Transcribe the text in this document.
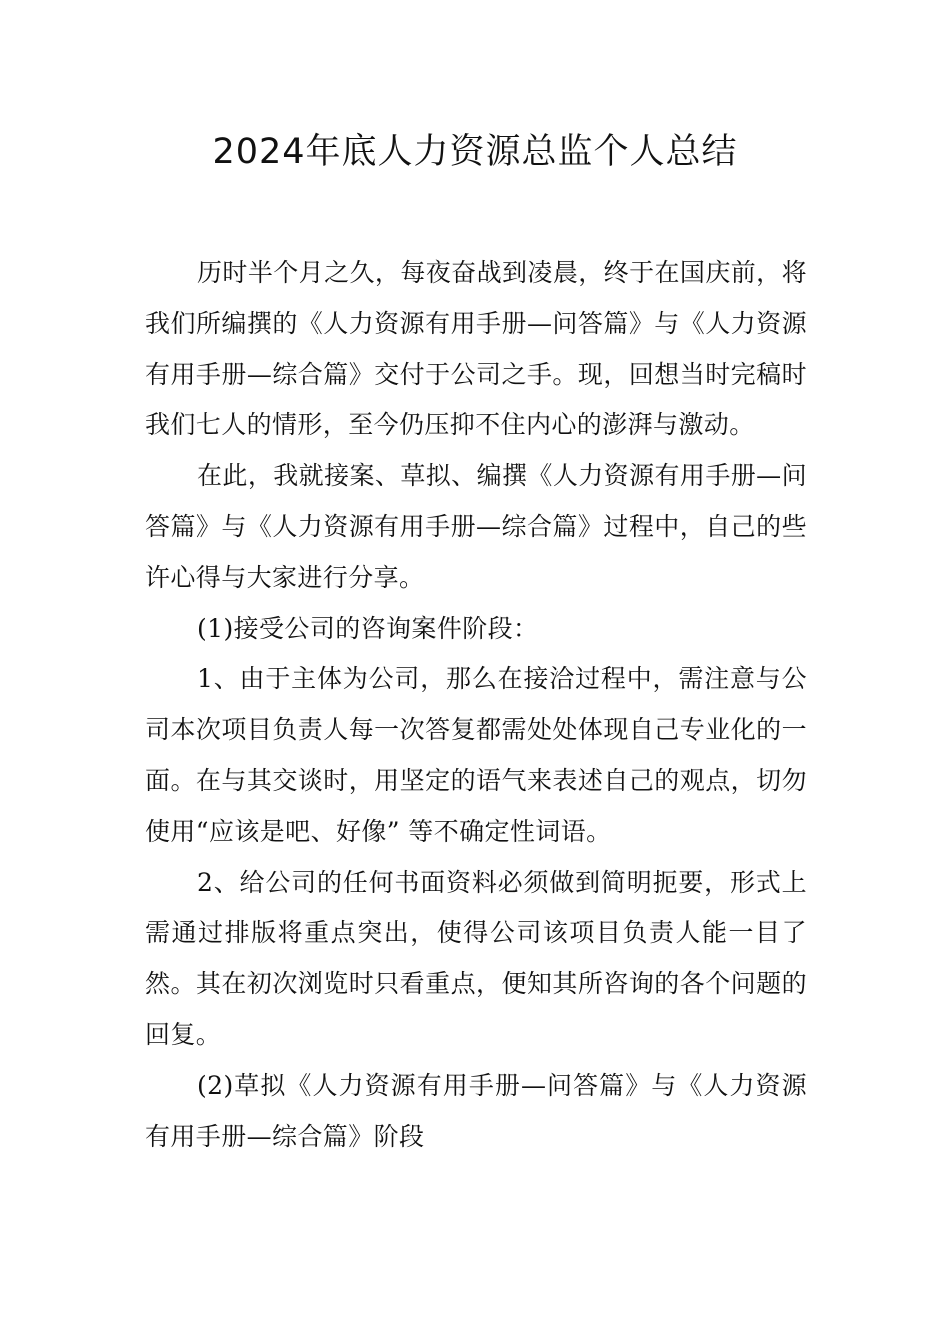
2024年底人力资源总监个人总结

历时半个月之久，每夜奋战到凌晨，终于在国庆前，将我们所编撰的《人力资源有用手册—问答篇》与《人力资源有用手册—综合篇》交付于公司之手。现，回想当时完稿时我们七人的情形，至今仍压抑不住内心的澎湃与激动。

在此，我就接案、草拟、编撰《人力资源有用手册—问答篇》与《人力资源有用手册—综合篇》过程中，自己的些许心得与大家进行分享。

(1)接受公司的咨询案件阶段：

1、由于主体为公司，那么在接洽过程中，需注意与公司本次项目负责人每一次答复都需处处体现自己专业化的一面。在与其交谈时，用坚定的语气来表述自己的观点，切勿使用“应该是吧、好像” 等不确定性词语。

2、给公司的任何书面资料必须做到简明扼要，形式上需通过排版将重点突出，使得公司该项目负责人能一目了然。其在初次浏览时只看重点，便知其所咨询的各个问题的回复。

(2)草拟《人力资源有用手册—问答篇》与《人力资源有用手册—综合篇》阶段
